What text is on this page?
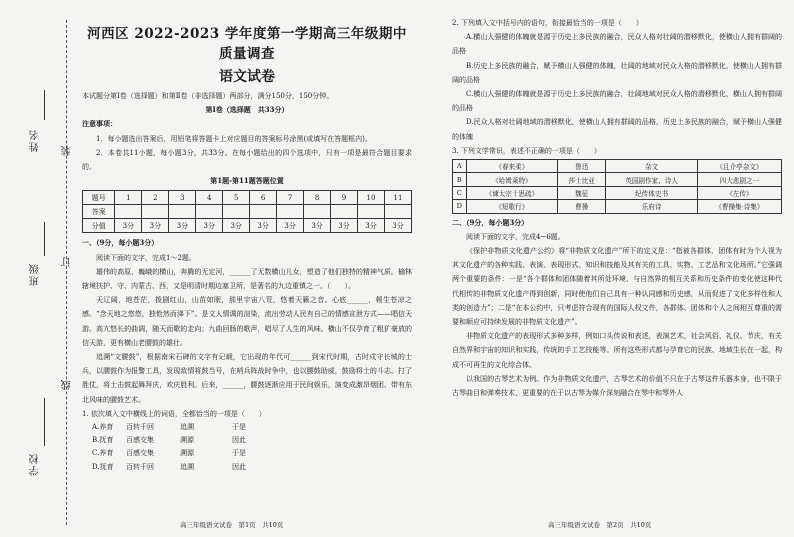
姓名
班级
学校
装
订
线
河西区 2022-2023 学年度第一学期高三年级期中质量调查
语文试卷

本试题分第Ⅰ卷（选择题）和第Ⅱ卷（非选择题）两部分，满分150分，150分钟。

第Ⅰ卷（选择题　共33分）

注意事项：

1．每小题选出答案后，用铅笔将答题卡上对应题目的答案标号涂黑(或填写在答题框内)。

2．本卷共11小题，每小题3分，共33分。在每小题给出的四个选项中，只有一项是最符合题目要求的。

第1题-第11题答题位置

题号	1	2	3	4	5	6	7	8	9	10	11
答案											
分值	3分	3分	3分	3分	3分	3分	3分	3分	3分	3分	3分

一、（9分，每小题3分）

阅读下面的文字，完成1～2题。

雄伟的高原，巍峨的横山，奔腾的无定河，______了无数横山儿女，塑造了他们独特的精神气质。榆林辖境扶护、守、内蒙古、西，又是明清时期边塞卫所，是著名的九边重镇之一。（　　）。

天辽阔，地苍茫，拨剧红山，山苗如眠，那里宇宙八荒，悠着天籁之音。心底______，顿生苍凉之感。“念天地之悠悠，独怆然而涕下”。是文人情调的渲染，流出劳动人民有自己的情感宣泄方式——唱信天游。高亢悠长的曲调，随天而歌的走向；九曲回肠的歌声，唱尽了人生的风味。横山不仅孕育了粗犷豪放的信天游，更有横山老腰鼓的雄壮。

追溯“文腰鼓”，根据南宋石碑的文字有记载，它出现的年代可______到宋代时期，古时戍守长城的士兵，以腰鼓作为报警工具，发现敌情将鼓当号，在哨兵阵战时争中，也以腰鼓助威，鼓励将士的斗志。打了胜仗，将士击鼓起舞拜庆，欢庆胜利。后来，______，腰鼓逐渐应用于民间娱乐，演变成激昂烟团、带有东北风味的腰鼓艺术。

1. 依次填入文中横线上的词语，全都恰当的一项是（　　）

A.养育	百转千回	追溯	于是
B.抚育	百感交集	溯源	因此
C.养育	百感交集	溯源	于是
D.抚育	百转千回	追溯	因此
高三年级语文试卷　第1页　共10页

2. 下列填入文中括号内的语句，衔接最恰当的一项是（　　）

A.横山人强健的体魄就是源于历史上多民族的融合，民众人格对壮阔的潜移默化，使横山人拥有群阔的品格

B.历史上多民族的融合，赋予横山人强健的体魄，壮阔的地域对民众人格的潜移默化，使横山人拥有群阔的品格

C.横山人强健的体魄就是源于历史上多民族的融合，壮阔地域对民众人格的潜移默化，横山人拥有群阔的品格

D.民众人格对壮阔地域的潜移默化，使横山人拥有群阔的品格，历史上多民族的融合，赋予横山人强健的体魄

3. 下列文学常识，表述不正确的一项是（　　）

A	《春来柔》	鲁迅	杂文	《且介亭杂文》
B	《哈姆莱特》	莎士比亚	英国剧作家、诗人	四大悲剧之一
C	《谏太宗十思疏》	魏征	纪传体史书	《左传》
D	《短歌行》	曹操	乐府诗	《曹操集·诗集》

二、（9分，每小题3分）

阅读下面的文字，完成4~6题。

《保护非物质文化遗产公约》将“非物质文化遗产”所下的定义是：“指被各群体、团体有时为个人视为其文化遗产的各种实践、表演、表现形式、知识和技能及其有关的工具、实物、工艺品和文化场所。”它强调两个重要的条件：一是“各个群体和团体随着其所处环境、与自然界的相互关系和历史条件的变化使这种代代相传的非物质文化遗产得到创新，同时使他们自己具有一种认同感和历史感，从而促进了文化多样性和人类的创造力”；二是“在本公约中，只考虑符合现有的国际人权文件，各群体、团体和个人之间相互尊重的需要和顺应可持续发展的非物质文化遗产”。

非物质文化遗产的表现形式多种多样，例如口头传说和表述，表演艺术，社会风俗、礼仪、节庆，有关自然界和宇宙的知识和实践，传统的手工艺技能等。所有这些形式都与孕育它的民族、地域生长在一起，构成不可再生的文化综合体。

以我国的古琴艺术为例。作为非物质文化遗产，古琴艺术的价值不只在于古琴这件乐器本身，也不限于古琴曲目和弹奏技术，更重要的在于以古琴为媒介深刻融合在琴中和琴外人

高三年级语文试卷　第2页　共10页
